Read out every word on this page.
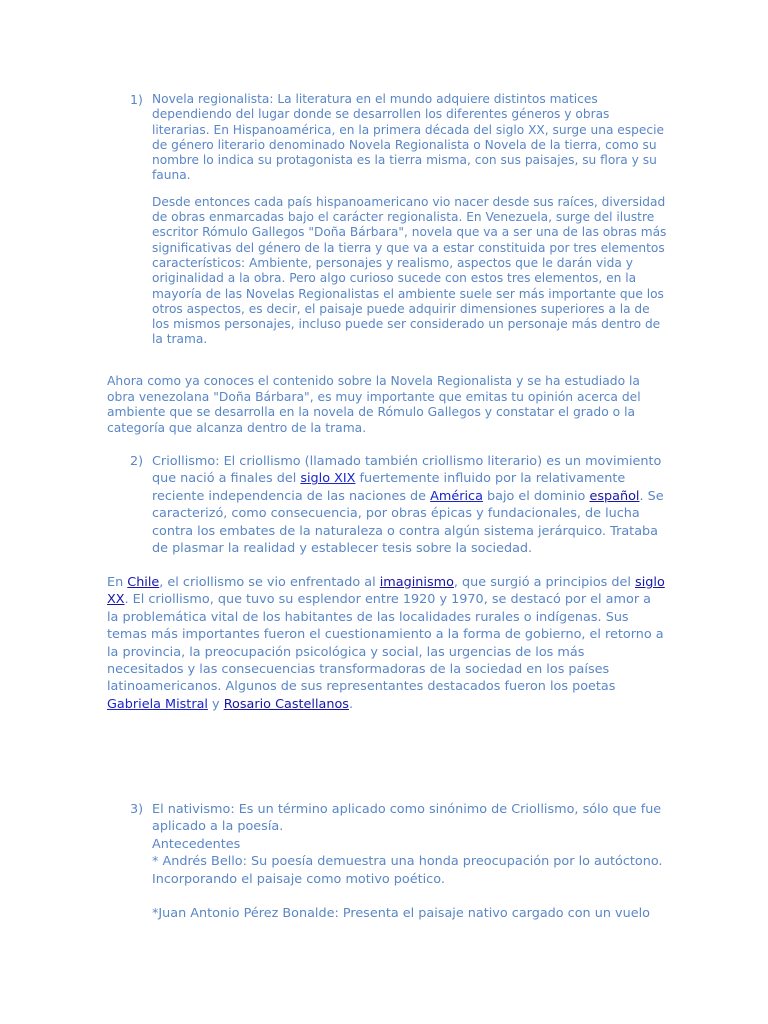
1) Novela regionalista: La literatura en el mundo adquiere distintos matices dependiendo del lugar donde se desarrollen los diferentes géneros y obras literarias. En Hispanoamérica, en la primera década del siglo XX, surge una especie de género literario denominado Novela Regionalista o Novela de la tierra, como su nombre lo indica su protagonista es la tierra misma, con sus paisajes, su flora y su fauna.

Desde entonces cada país hispanoamericano vio nacer desde sus raíces, diversidad de obras enmarcadas bajo el carácter regionalista. En Venezuela, surge del ilustre escritor Rómulo Gallegos "Doña Bárbara", novela que va a ser una de las obras más significativas del género de la tierra y que va a estar constituida por tres elementos característicos: Ambiente, personajes y realismo, aspectos que le darán vida y originalidad a la obra. Pero algo curioso sucede con estos tres elementos, en la mayoría de las Novelas Regionalistas el ambiente suele ser más importante que los otros aspectos, es decir, el paisaje puede adquirir dimensiones superiores a la de los mismos personajes, incluso puede ser considerado un personaje más dentro de la trama.

Ahora como ya conoces el contenido sobre la Novela Regionalista y se ha estudiado la obra venezolana "Doña Bárbara", es muy importante que emitas tu opinión acerca del ambiente que se desarrolla en la novela de Rómulo Gallegos y constatar el grado o la categoría que alcanza dentro de la trama.

2) Criollismo: El criollismo (llamado también criollismo literario) es un movimiento que nació a finales del siglo XIX fuertemente influido por la relativamente reciente independencia de las naciones de América bajo el dominio español. Se caracterizó, como consecuencia, por obras épicas y fundacionales, de lucha contra los embates de la naturaleza o contra algún sistema jerárquico. Trataba de plasmar la realidad y establecer tesis sobre la sociedad.

En Chile, el criollismo se vio enfrentado al imaginismo, que surgió a principios del siglo XX. El criollismo, que tuvo su esplendor entre 1920 y 1970, se destacó por el amor a la problemática vital de los habitantes de las localidades rurales o indígenas. Sus temas más importantes fueron el cuestionamiento a la forma de gobierno, el retorno a la provincia, la preocupación psicológica y social, las urgencias de los más necesitados y las consecuencias transformadoras de la sociedad en los países latinoamericanos. Algunos de sus representantes destacados fueron los poetas Gabriela Mistral y Rosario Castellanos.

3) El nativismo: Es un término aplicado como sinónimo de Criollismo, sólo que fue aplicado a la poesía.
Antecedentes
* Andrés Bello: Su poesía demuestra una honda preocupación por lo autóctono. Incorporando el paisaje como motivo poético.
*Juan Antonio Pérez Bonalde: Presenta el paisaje nativo cargado con un vuelo
